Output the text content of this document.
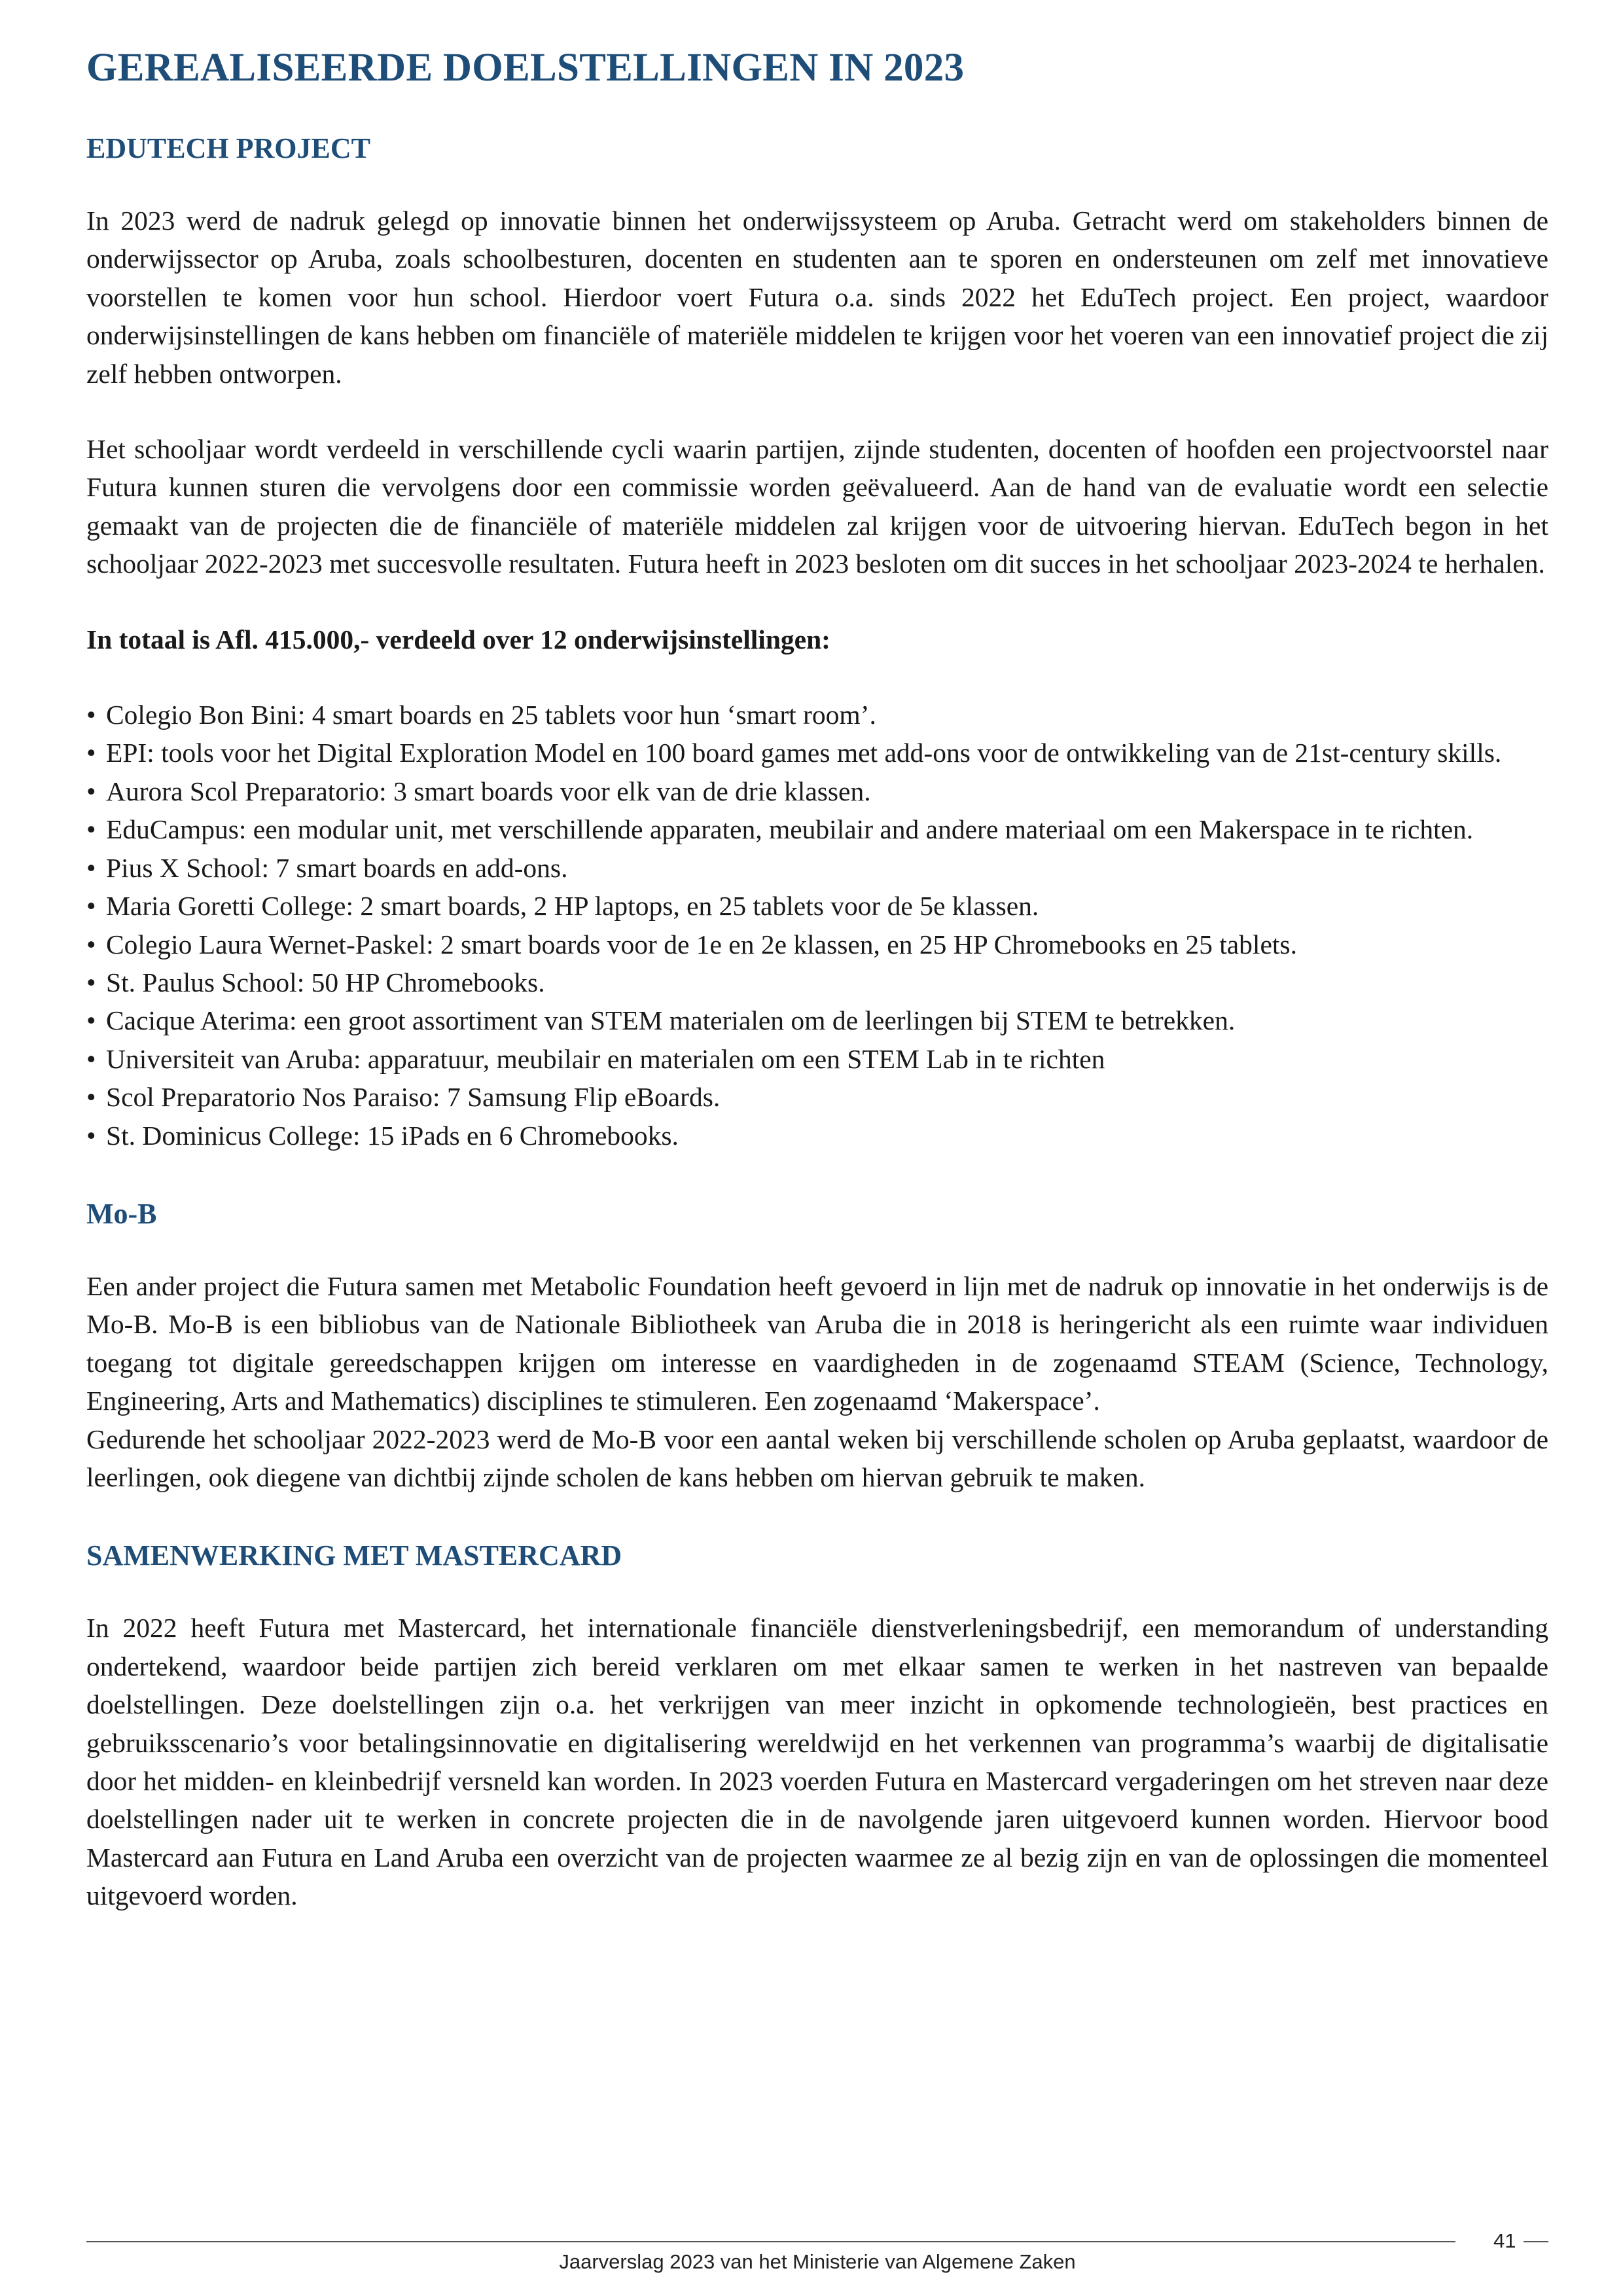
GEREALISEERDE DOELSTELLINGEN IN 2023
EDUTECH PROJECT

In 2023 werd de nadruk gelegd op innovatie binnen het onderwijssysteem op Aruba. Getracht werd om stakeholders binnen de onderwijssector op Aruba, zoals schoolbesturen, docenten en studenten aan te sporen en ondersteunen om zelf met innovatieve voorstellen te komen voor hun school. Hierdoor voert Futura o.a. sinds 2022 het EduTech project. Een project, waardoor onderwijsinstellingen de kans hebben om financiële of materiële middelen te krijgen voor het voeren van een innovatief project die zij zelf hebben ontworpen.

Het schooljaar wordt verdeeld in verschillende cycli waarin partijen, zijnde studenten, docenten of hoofden een projectvoorstel naar Futura kunnen sturen die vervolgens door een commissie worden geëvalueerd. Aan de hand van de evaluatie wordt een selectie gemaakt van de projecten die de financiële of materiële middelen zal krijgen voor de uitvoering hiervan. EduTech begon in het schooljaar 2022-2023 met succesvolle resultaten. Futura heeft in 2023 besloten om dit succes in het schooljaar 2023-2024 te herhalen.

In totaal is Afl. 415.000,- verdeeld over 12 onderwijsinstellingen:

• Colegio Bon Bini: 4 smart boards en 25 tablets voor hun ‘smart room’.
• EPI: tools voor het Digital Exploration Model en 100 board games met add-ons voor de ontwikkeling van de 21st-century skills.
• Aurora Scol Preparatorio: 3 smart boards voor elk van de drie klassen.
• EduCampus: een modular unit, met verschillende apparaten, meubilair and andere materiaal om een Makerspace in te richten.
• Pius X School: 7 smart boards en add-ons.
• Maria Goretti College: 2 smart boards, 2 HP laptops, en 25 tablets voor de 5e klassen.
• Colegio Laura Wernet-Paskel: 2 smart boards voor de 1e en 2e klassen, en 25 HP Chromebooks en 25 tablets.
• St. Paulus School: 50 HP Chromebooks.
• Cacique Aterima: een groot assortiment van STEM materialen om de leerlingen bij STEM te betrekken.
• Universiteit van Aruba: apparatuur, meubilair en materialen om een STEM Lab in te richten
• Scol Preparatorio Nos Paraiso: 7 Samsung Flip eBoards.
• St. Dominicus College: 15 iPads en 6 Chromebooks.
Mo-B

Een ander project die Futura samen met Metabolic Foundation heeft gevoerd in lijn met de nadruk op innovatie in het onderwijs is de Mo-B. Mo-B is een bibliobus van de Nationale Bibliotheek van Aruba die in 2018 is heringericht als een ruimte waar individuen toegang tot digitale gereedschappen krijgen om interesse en vaardigheden in de zogenaamd STEAM (Science, Technology, Engineering, Arts and Mathematics) disciplines te stimuleren. Een zogenaamd ‘Makerspace’.

Gedurende het schooljaar 2022-2023 werd de Mo-B voor een aantal weken bij verschillende scholen op Aruba geplaatst, waardoor de leerlingen, ook diegene van dichtbij zijnde scholen de kans hebben om hiervan gebruik te maken.

SAMENWERKING MET MASTERCARD

In 2022 heeft Futura met Mastercard, het internationale financiële dienstverleningsbedrijf, een memorandum of understanding ondertekend, waardoor beide partijen zich bereid verklaren om met elkaar samen te werken in het nastreven van bepaalde doelstellingen. Deze doelstellingen zijn o.a. het verkrijgen van meer inzicht in opkomende technologieën, best practices en gebruiksscenario’s voor betalingsinnovatie en digitalisering wereldwijd en het verkennen van programma’s waarbij de digitalisatie door het midden- en kleinbedrijf versneld kan worden. In 2023 voerden Futura en Mastercard vergaderingen om het streven naar deze doelstellingen nader uit te werken in concrete projecten die in de navolgende jaren uitgevoerd kunnen worden. Hiervoor bood Mastercard aan Futura en Land Aruba een overzicht van de projecten waarmee ze al bezig zijn en van de oplossingen die momenteel uitgevoerd worden.

41
Jaarverslag 2023 van het Ministerie van Algemene Zaken
